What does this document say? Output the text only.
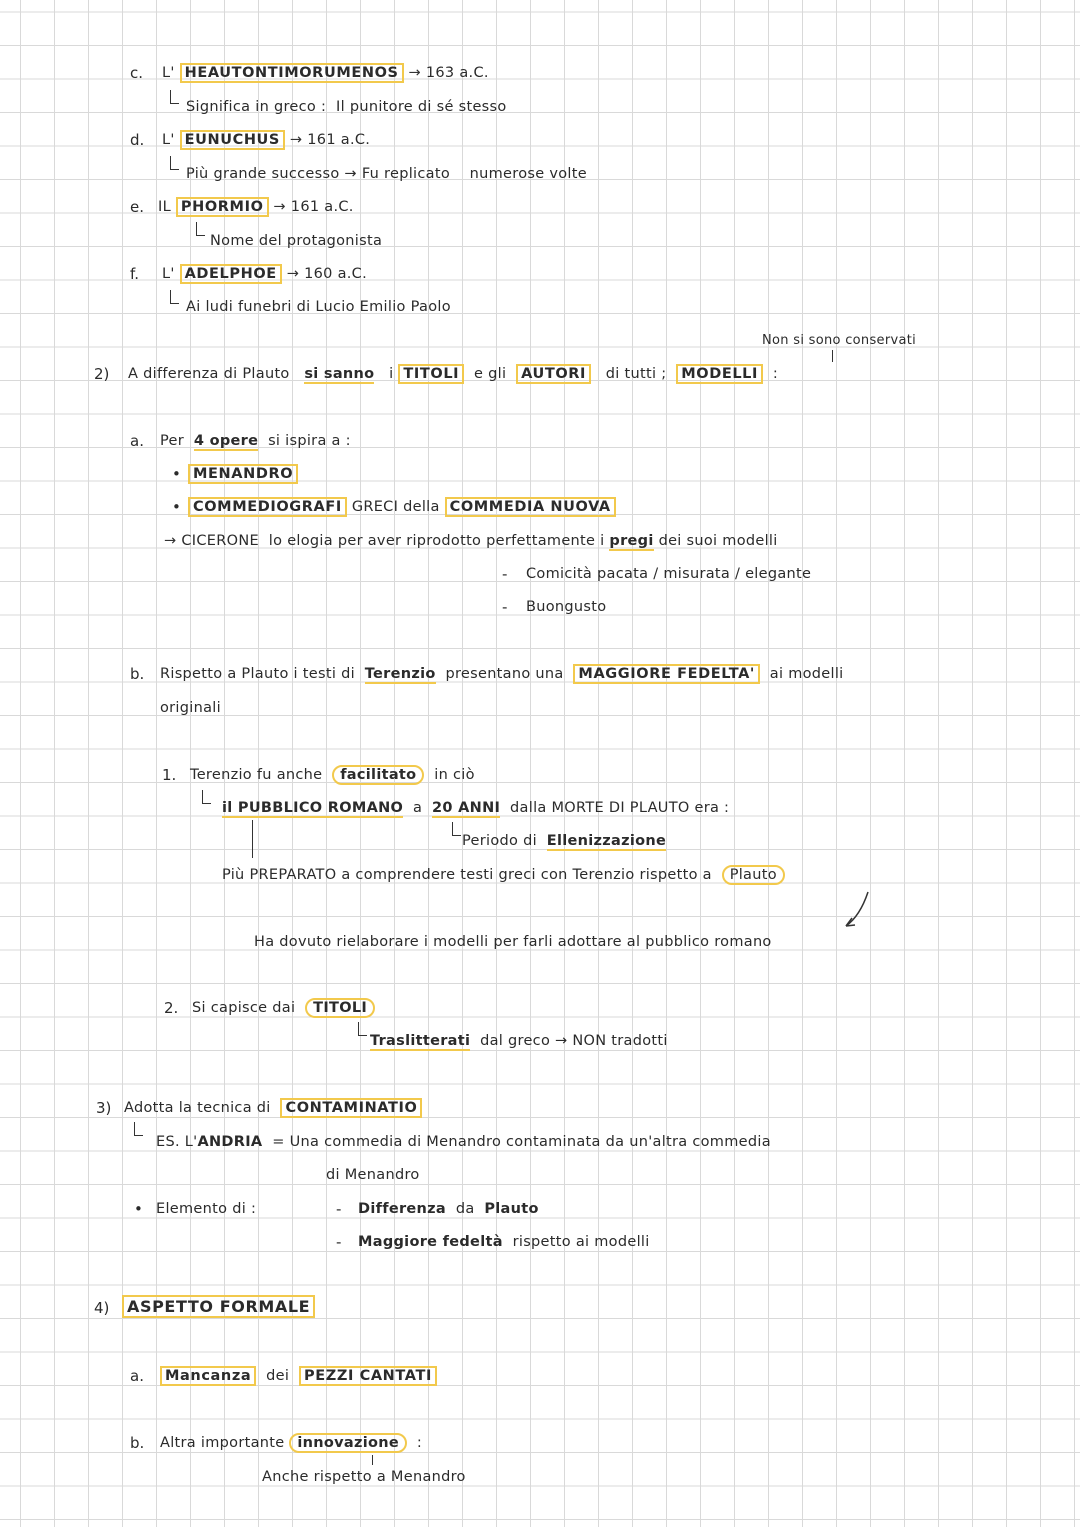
c. L' HEAUTONTIMORUMENOS → 163 a.C.
Significa in greco : Il punitore di sé stesso
d. L' EUNUCHUS → 161 a.C.
Più grande successo → Fu replicato numerose volte
e. IL PHORMIO → 161 a.C.
Nome del protagonista
f. L' ADELPHOE → 160 a.C.
Ai ludi funebri di Lucio Emilio Paolo
Non si sono conservati
2) A differenza di Plauto si sanno i TITOLI e gli AUTORI di tutti ; MODELLI :
a. Per 4 opere si ispira a :
• MENANDRO
• COMMEDIOGRAFI GRECI della COMMEDIA NUOVA
→ CICERONE lo elogia per aver riprodotto perfettamente i pregi dei suoi modelli
- Comicità pacata / misurata / elegante
- Buongusto
b. Rispetto a Plauto i testi di Terenzio presentano una MAGGIORE FEDELTA' ai modelli
originali
1. Terenzio fu anche facilitato in ciò
il PUBBLICO ROMANO a 20 ANNI dalla MORTE DI PLAUTO era :
Periodo di Ellenizzazione
Più PREPARATO a comprendere testi greci con Terenzio rispetto a Plauto
Ha dovuto rielaborare i modelli per farli adottare al pubblico romano
2. Si capisce dai TITOLI
Traslitterati dal greco → NON tradotti
3) Adotta la tecnica di CONTAMINATIO
ES. L'ANDRIA = Una commedia di Menandro contaminata da un'altra commedia
di Menandro
• Elemento di :	- Differenza da Plauto
- Maggiore fedeltà rispetto ai modelli
4)	ASPETTO FORMALE
a.	Mancanza dei PEZZI CANTATI
b. Altra importante innovazione :
Anche rispetto a Menandro
